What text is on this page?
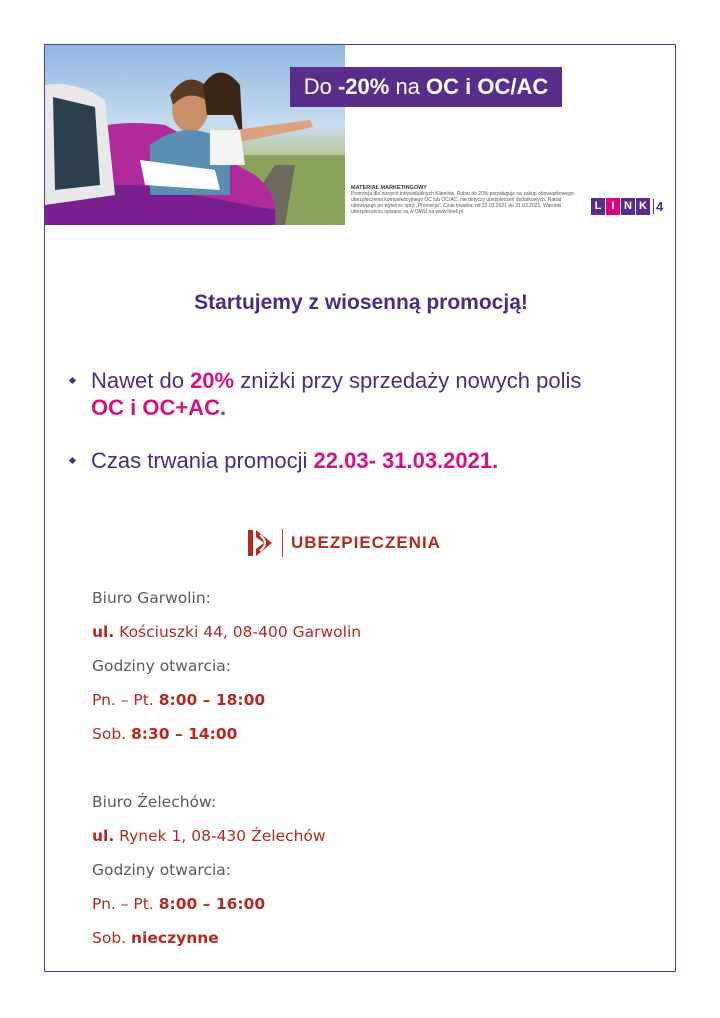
Do -20% na OC i OC/AC
MATERIAŁ MARKETINGOWY
Promocja dla nowych indywidualnych Klientów. Rabat do 20% przysługuje na zakup obowiązkowego ubezpieczenia komunikacyjnego OC lub OC/AC, nie dotyczy ubezpieczeń dodatkowych. Rabat obowiązuje po wyborze opcji „Promocja”. Czas trwania: od 22.03.2021 do 31.03.2021. Warunki ubezpieczenia opisane są w OWU na www.link4.pl
L I N K 4
Startujemy z wiosenną promocją!
Nawet do 20% zniżki przy sprzedaży nowych polis
OC i OC+AC.
Czas trwania promocji 22.03- 31.03.2021.
UBEZPIECZENIA
Biuro Garwolin:
ul. Kościuszki 44, 08-400 Garwolin
Godziny otwarcia:
Pn. – Pt. 8:00 – 18:00
Sob. 8:30 – 14:00
Biuro Żelechów:
ul. Rynek 1, 08-430 Żelechów
Godziny otwarcia:
Pn. – Pt. 8:00 – 16:00
Sob. nieczynne
